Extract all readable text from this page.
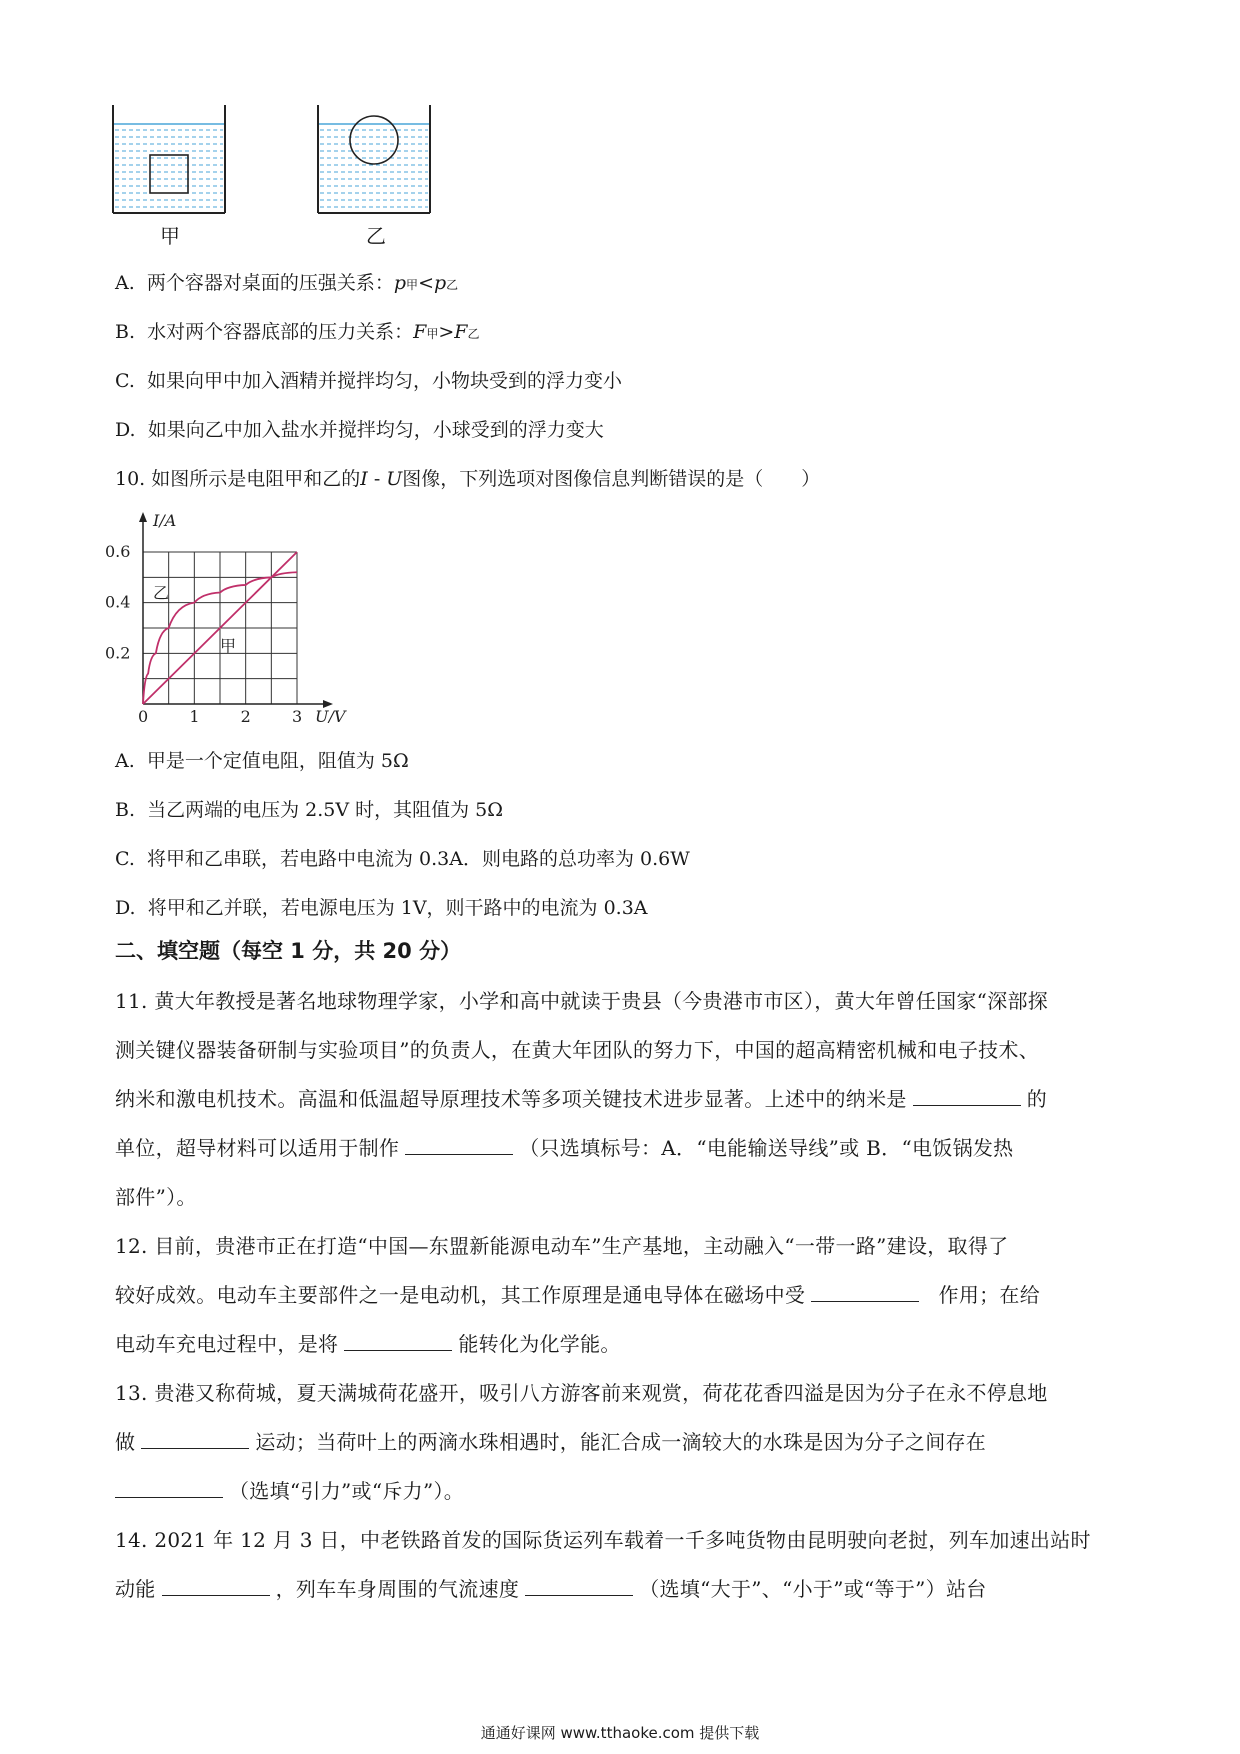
甲	乙
A. 两个容器对桌面的压强关系：p甲<p乙
B. 水对两个容器底部的压力关系：F甲>F乙
C. 如果向甲中加入酒精并搅拌均匀，小物块受到的浮力变小
D. 如果向乙中加入盐水并搅拌均匀，小球受到的浮力变大
10. 如图所示是电阻甲和乙的I - U图像，下列选项对图像信息判断错误的是（　　）
I/A
U/V
0	1	2	3
0.2
0.4
0.6
乙
甲
A. 甲是一个定值电阻，阻值为 5Ω
B. 当乙两端的电压为 2.5V 时，其阻值为 5Ω
C. 将甲和乙串联，若电路中电流为 0.3A．则电路的总功率为 0.6W
D. 将甲和乙并联，若电源电压为 1V，则干路中的电流为 0.3A
二、填空题（每空 1 分，共 20 分）
11. 黄大年教授是著名地球物理学家，小学和高中就读于贵县（今贵港市市区），黄大年曾任国家“深部探
测关键仪器装备研制与实验项目”的负责人，在黄大年团队的努力下，中国的超高精密机械和电子技术、
纳米和激电机技术。高温和低温超导原理技术等多项关键技术进步显著。上述中的纳米是	的
单位，超导材料可以适用于制作	（只选填标号：A．“电能输送导线”或 B．“电饭锅发热
部件”）。
12. 目前，贵港市正在打造“中国—东盟新能源电动车”生产基地，主动融入“一带一路”建设，取得了
较好成效。电动车主要部件之一是电动机，其工作原理是通电导体在磁场中受	作用；在给
电动车充电过程中，是将	能转化为化学能。
13. 贵港又称荷城，夏天满城荷花盛开，吸引八方游客前来观赏，荷花花香四溢是因为分子在永不停息地
做	运动；当荷叶上的两滴水珠相遇时，能汇合成一滴较大的水珠是因为分子之间存在
（选填“引力”或“斥力”）。
14. 2021 年 12 月 3 日，中老铁路首发的国际货运列车载着一千多吨货物由昆明驶向老挝，列车加速出站时
动能	，列车车身周围的气流速度	（选填“大于”、“小于”或“等于”）站台
通通好课网 www.tthaoke.com 提供下载
